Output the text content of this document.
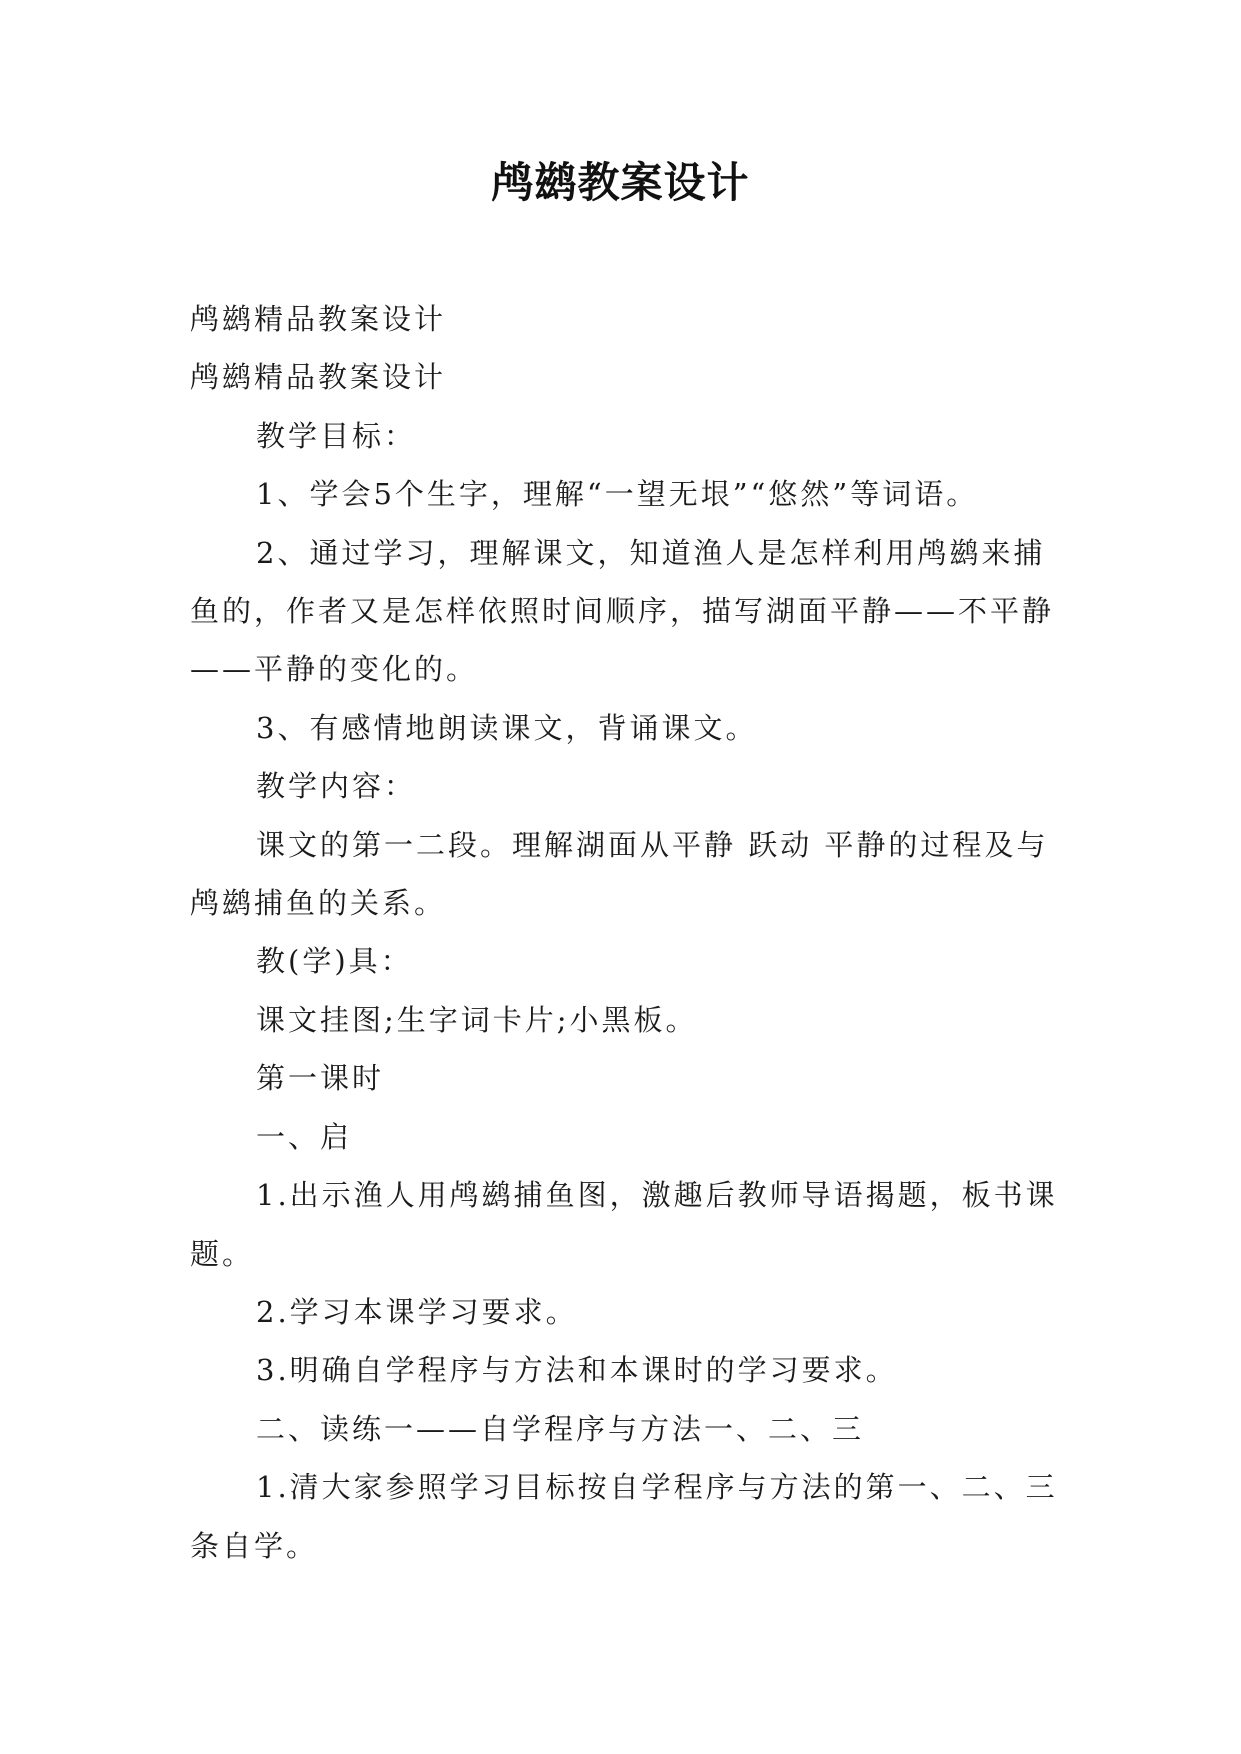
鸬鹚教案设计

鸬鹚精品教案设计

鸬鹚精品教案设计

教学目标：

1、学会5个生字，理解“一望无垠”“悠然”等词语。

2、通过学习，理解课文，知道渔人是怎样利用鸬鹚来捕 鱼的，作者又是怎样依照时间顺序，描写湖面平静——不平静——平静的变化的。

3、有感情地朗读课文，背诵课文。

教学内容：

课文的第一二段。理解湖面从平静 跃动 平静的过程及与鸬鹚捕鱼的关系。

教(学)具：

课文挂图;生字词卡片;小黑板。

第一课时

一、启

1.出示渔人用鸬鹚捕鱼图，激趣后教师导语揭题，板书课题。

2.学习本课学习要求。

3.明确自学程序与方法和本课时的学习要求。

二、读练一——自学程序与方法一、二、三

1.清大家参照学习目标按自学程序与方法的第一、二、三条自学。
